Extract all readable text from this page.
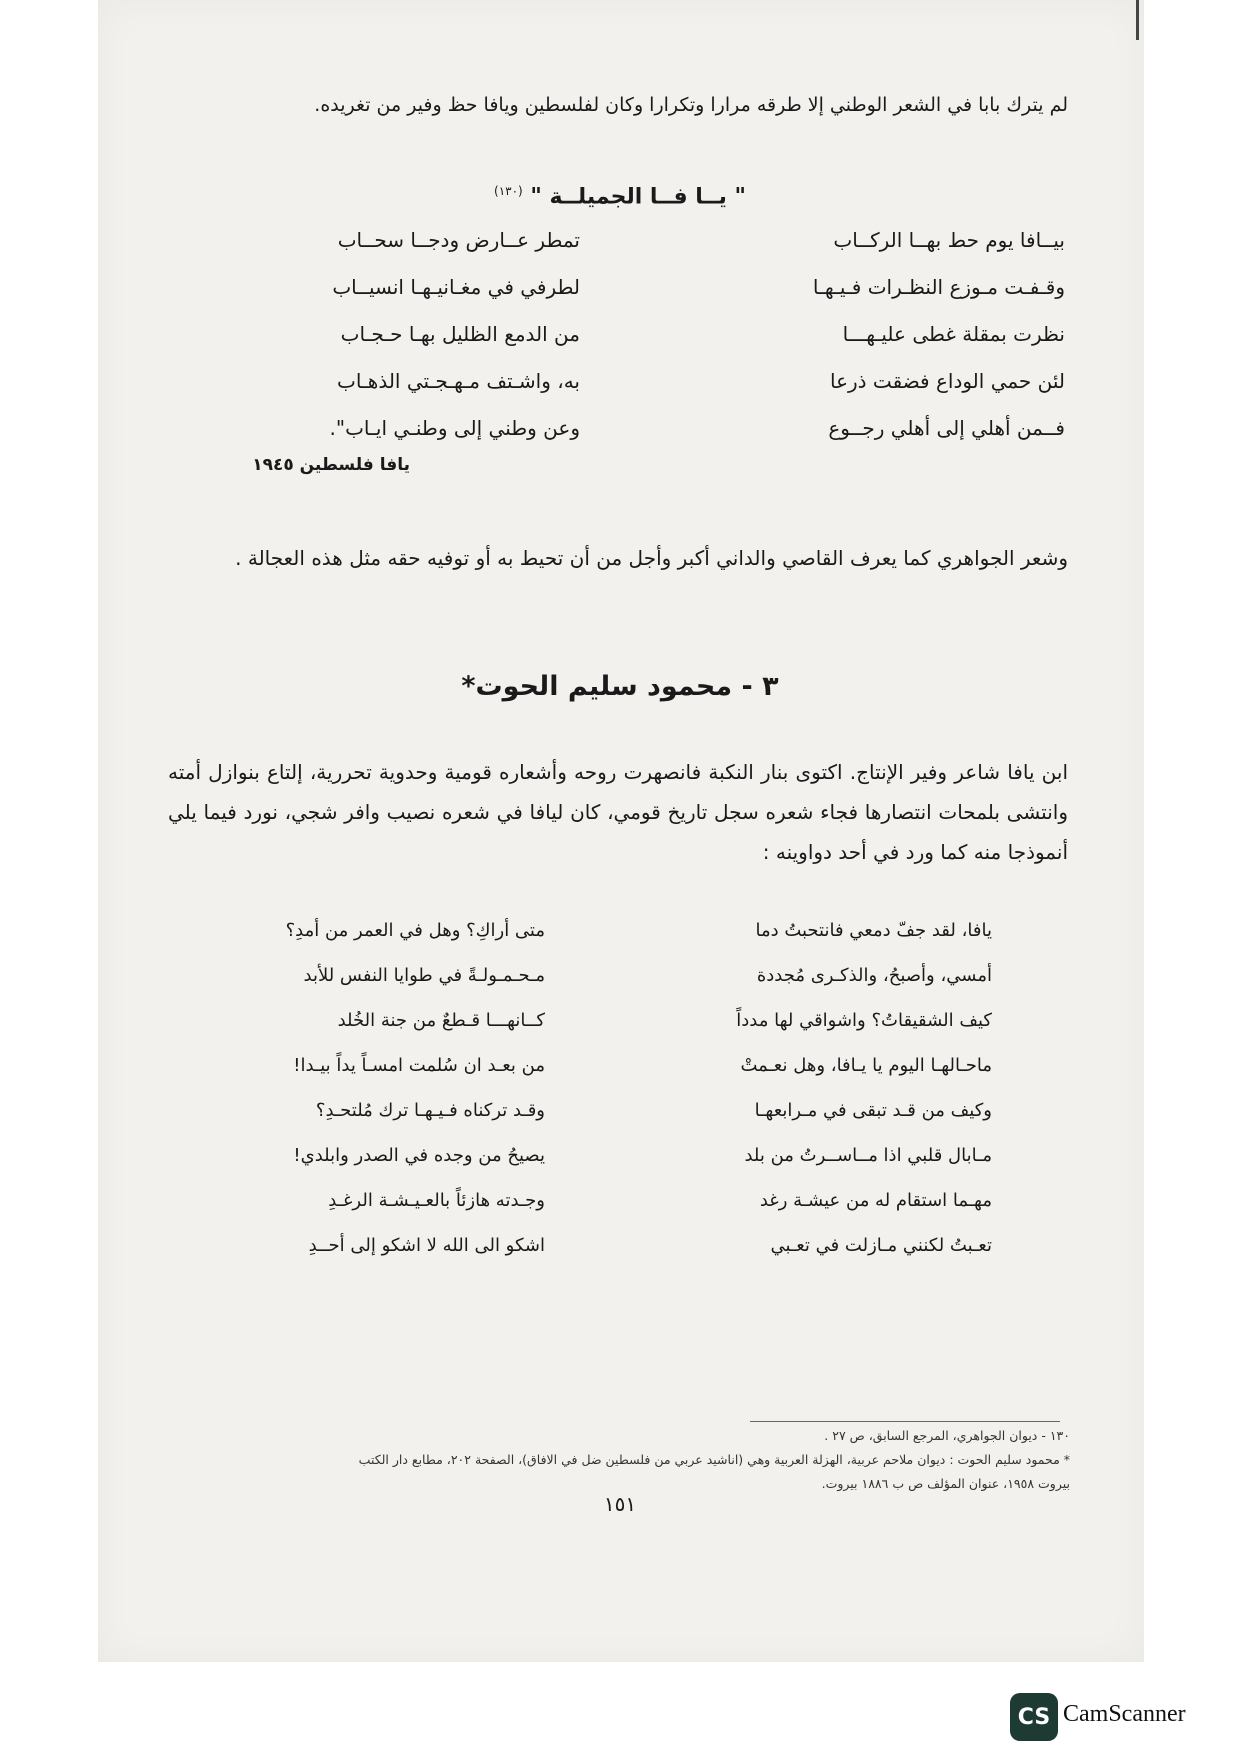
لم يترك بابا في الشعر الوطني إلا طرقه مرارا وتكرارا وكان لفلسطين ويافا حظ وفير من تغريده.
" يــا فــا الجميلــة " $^{(١٣٠)}$
بيــافا يوم حط بهــا الركــاب
تمطر عــارض ودجــا سحــاب
وقـفـت مـوزع النظـرات فـيـهـا
لطرفي في مغـانيـهـا انسيــاب
نظرت بمقلة غطى عليـهـــا
من الدمع الظليل بهـا حـجـاب
لئن حمي الوداع فضقت ذرعا
به، واشـتف مـهـجـتي الذهـاب
فــمن أهلي إلى أهلي رجــوع
وعن وطني إلى وطنـي ايـاب".
يافا فلسطين ١٩٤٥
وشعر الجواهري كما يعرف القاصي والداني أكبر وأجل من أن تحيط به أو توفيه حقه مثل هذه العجالة .
٣ - محمود سليم الحوت*
ابن يافا شاعر وفير الإنتاج. اكتوى بنار النكبة فانصهرت روحه وأشعاره قومية وحدوية تحررية، إلتاع بنوازل أمته وانتشى بلمحات انتصارها فجاء شعره سجل تاريخ قومي، كان ليافا في شعره نصيب وافر شجي، نورد فيما يلي أنموذجا منه كما ورد في أحد دواوينه :
يافا، لقد جفّ دمعي فانتحبتُ دما
متى أراكِ؟ وهل في العمر من أمدِ؟
أمسي، وأصبحُ، والذكـرى مُجددة
مـحـمـولـةً في طوايا النفس للأبد
كيف الشقيقاتُ؟ واشواقي لها مدداً
كــانهـــا قـطعٌ من جنة الخُلد
ماحـالهـا اليوم يا يـافا، وهل نعـمتْ
من بعـد ان سُلمت امسـاً يداً بيـدا!
وكيف من قـد تبقى في مـرابعهـا
وقـد تركناه فـيـهـا ترك مُلتحـدِ؟
مـابال قلبي اذا مــاســرتُ من بلد
يصيحُ من وجده في الصدر وابلدي!
مهـما استقام له من عيشـة رغد
وجـدته هازئاً بالعـيـشـة الرغـدِ
تعـبتُ لكنني مـازلت في تعـبي
اشكو الى الله لا اشكو إلى أحــدِ
١٣٠ - ديوان الجواهري، المرجع السابق، ص ٢٧ .
* محمود سليم الحوت : ديوان ملاحم عربية، الهزلة العربية وهي (اناشيد عربي من فلسطين ضل في الافاق)، الصفحة ٢٠٢، مطابع دار الكتب
بيروت ١٩٥٨، عنوان المؤلف ص ب ١٨٨٦ بيروت.
١٥١
CS CamScanner
